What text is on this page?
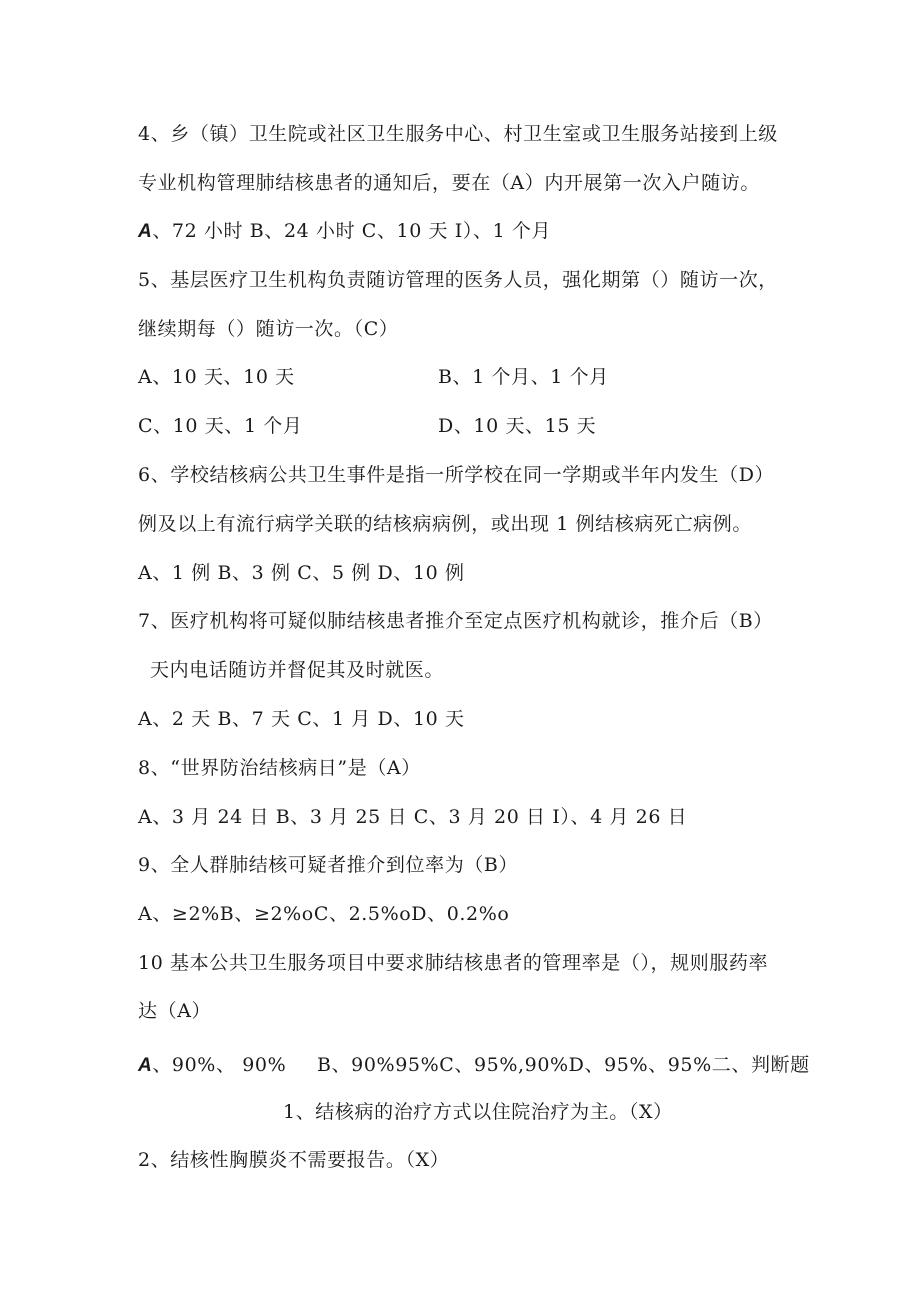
4、乡（镇）卫生院或社区卫生服务中心、村卫生室或卫生服务站接到上级
专业机构管理肺结核患者的通知后，要在（A）内开展第一次入户随访。
A、72 小时 B、24 小时 C、10 天 I）、1 个月
5、基层医疗卫生机构负责随访管理的医务人员，强化期第（）随访一次，
继续期每（）随访一次。（C）
A、10 天、10 天	B、1 个月、1 个月
C、10 天、1 个月	D、10 天、15 天
6、学校结核病公共卫生事件是指一所学校在同一学期或半年内发生（D）
例及以上有流行病学关联的结核病病例，或出现 1 例结核病死亡病例。
A、1 例 B、3 例 C、5 例 D、10 例
7、医疗机构将可疑似肺结核患者推介至定点医疗机构就诊，推介后（B）
天内电话随访并督促其及时就医。
A、2 天 B、7 天 C、1 月 D、10 天
8、“世界防治结核病日”是（A）
A、3 月 24 日 B、3 月 25 日 C、3 月 20 日 I）、4 月 26 日
9、全人群肺结核可疑者推介到位率为（B）
A、≥2%B、≥2%oC、2.5%oD、0.2%o
10 基本公共卫生服务项目中要求肺结核患者的管理率是（），规则服药率
达（A）
A、90%、 90% B、90%95%C、95%,90%D、95%、95%二、判断题
1、结核病的治疗方式以住院治疗为主。（X）
2、结核性胸膜炎不需要报告。（X）
